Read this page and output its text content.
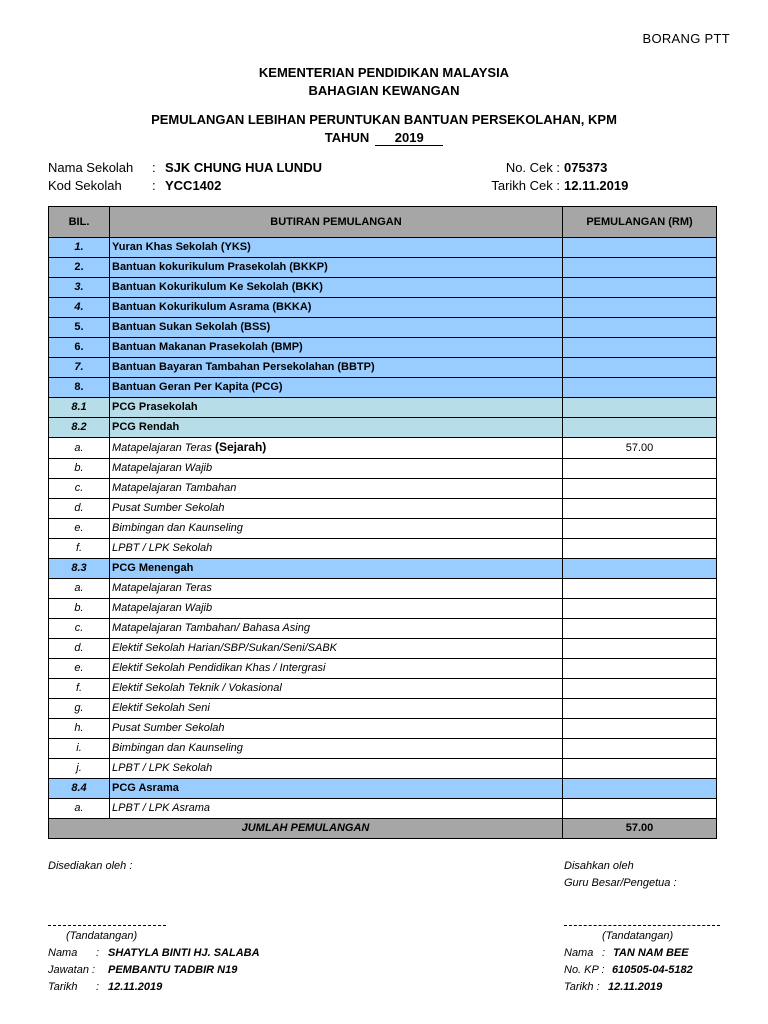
BORANG PTT
KEMENTERIAN PENDIDIKAN MALAYSIA
BAHAGIAN KEWANGAN
PEMULANGAN LEBIHAN PERUNTUKAN BANTUAN PERSEKOLAHAN, KPM
TAHUN 2019
Nama Sekolah : SJK CHUNG HUA LUNDU
Kod Sekolah : YCC1402
No. Cek : 075373
Tarikh Cek : 12.11.2019
BIL.	BUTIRAN PEMULANGAN	PEMULANGAN (RM)
1.	Yuran Khas Sekolah (YKS)	
2.	Bantuan kokurikulum Prasekolah (BKKP)	
3.	Bantuan Kokurikulum Ke Sekolah (BKK)	
4.	Bantuan Kokurikulum Asrama (BKKA)	
5.	Bantuan Sukan Sekolah (BSS)	
6.	Bantuan Makanan Prasekolah (BMP)	
7.	Bantuan Bayaran Tambahan Persekolahan (BBTP)	
8.	Bantuan Geran Per Kapita (PCG)	
8.1	PCG Prasekolah	
8.2	PCG Rendah	
a.	Matapelajaran Teras (Sejarah)	57.00
b.	Matapelajaran Wajib	
c.	Matapelajaran Tambahan	
d.	Pusat Sumber Sekolah	
e.	Bimbingan dan Kaunseling	
f.	LPBT / LPK Sekolah	
8.3	PCG Menengah	
a.	Matapelajaran Teras	
b.	Matapelajaran Wajib	
c.	Matapelajaran Tambahan/ Bahasa Asing	
d.	Elektif Sekolah Harian/SBP/Sukan/Seni/SABK	
e.	Elektif Sekolah Pendidikan Khas / Intergrasi	
f.	Elektif Sekolah Teknik / Vokasional	
g.	Elektif Sekolah Seni	
h.	Pusat Sumber Sekolah	
i.	Bimbingan dan Kaunseling	
j.	LPBT / LPK Sekolah	
8.4	PCG Asrama	
a.	LPBT / LPK Asrama	
JUMLAH PEMULANGAN		57.00
Disediakan oleh :
(Tandatangan)
Nama : SHATYLA BINTI HJ. SALABA
Jawatan : PEMBANTU TADBIR N19
Tarikh : 12.11.2019
Disahkan oleh
Guru Besar/Pengetua :
(Tandatangan)
Nama : TAN NAM BEE
No. KP : 610505-04-5182
Tarikh : 12.11.2019
